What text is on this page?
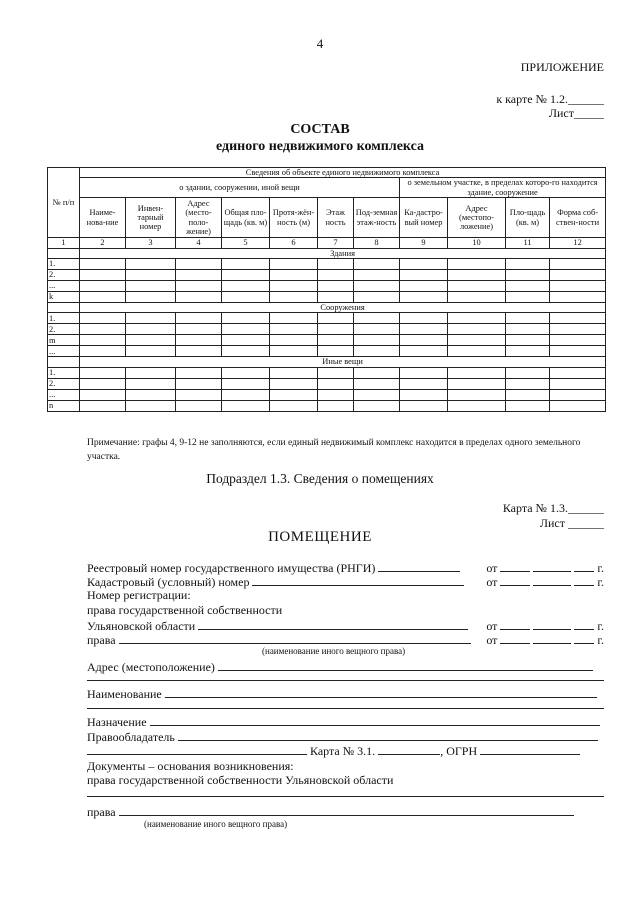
4
ПРИЛОЖЕНИЕ
к карте № 1.2.______
Лист_____
СОСТАВ
единого недвижимого комплекса
№ п/п	Сведения об объекте единого недвижимого комплекса										
	о здании, сооружении, иной вещи							о земельном участке, в пределах которо-го находится здание, сооружение			
	Наиме-нова-ние	Инвен-тарный номер	Адрес (место-поло-жение)	Общая пло-щадь (кв. м)	Протя-жён-ность (м)	Этаж ность	Под-земная этаж-ность	Ка-дастро-вый номер	Адрес (местопо-ложение)	Пло-щадь (кв. м)	Форма соб-ствен-ности
1	2	3	4	5	6	7	8	9	10	11	12
	Здания										
1.											
2.											
...											
k											
	Сооружения										
1.											
2.											
m											
...											
	Иные вещи										
1.											
2.											
...											
n											
Примечание: графы 4, 9-12 не заполняются, если единый недвижимый комплекс находится в пределах одного земельного участка.
Подраздел 1.3. Сведения о помещениях
Карта № 1.3.______
Лист ______
ПОМЕЩЕНИЕ
Реестровый номер государственного имущества (РНГИ)	от	г.
Кадастровый (условный) номер	от	г.
Номер регистрации:
права государственной собственности
Ульяновской области	от	г.
права	от	г.
(наименование иного вещного права)
Адрес (местоположение)
Наименование
Назначение
Правообладатель
Карта № 3.1.	, ОГРН
Документы – основания возникновения:
права государственной собственности Ульяновской области
права
(наименование иного вещного права)
